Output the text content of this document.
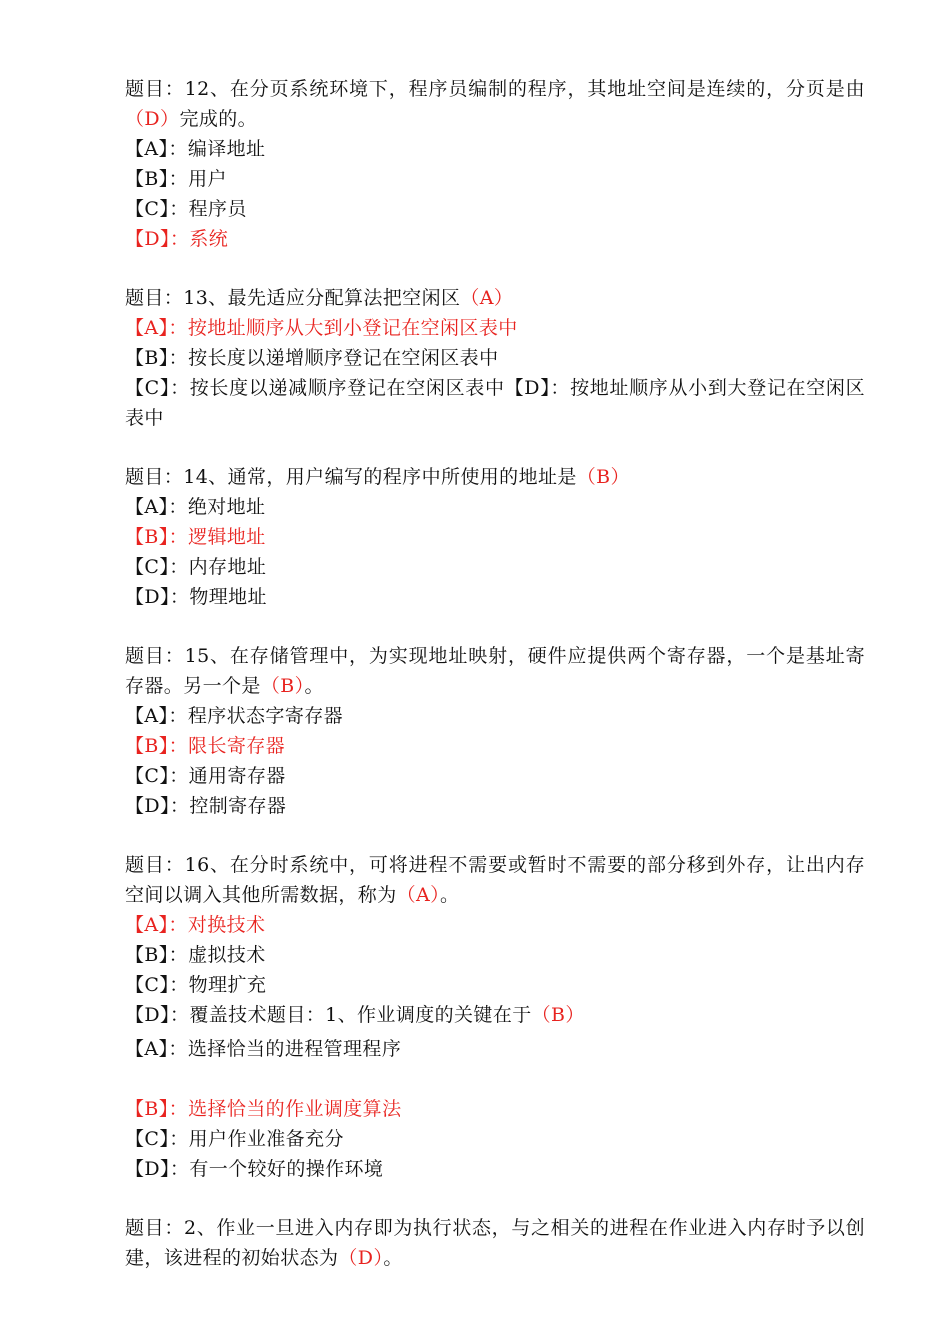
题目：12、在分页系统环境下，程序员编制的程序，其地址空间是连续的，分页是由（D）完成的。
【A】：编译地址
【B】：用户
【C】：程序员
【D】：系统
题目：13、最先适应分配算法把空闲区（A）
【A】：按地址顺序从大到小登记在空闲区表中
【B】：按长度以递增顺序登记在空闲区表中
【C】：按长度以递减顺序登记在空闲区表中【D】：按地址顺序从小到大登记在空闲区表中
题目：14、通常，用户编写的程序中所使用的地址是（B）
【A】：绝对地址
【B】：逻辑地址
【C】：内存地址
【D】：物理地址
题目：15、在存储管理中，为实现地址映射，硬件应提供两个寄存器，一个是基址寄存器。另一个是（B）。
【A】：程序状态字寄存器
【B】：限长寄存器
【C】：通用寄存器
【D】：控制寄存器
题目：16、在分时系统中，可将进程不需要或暂时不需要的部分移到外存，让出内存空间以调入其他所需数据，称为（A）。
【A】：对换技术
【B】：虚拟技术
【C】：物理扩充
【D】：覆盖技术题目：1、作业调度的关键在于（B）
【A】：选择恰当的进程管理程序
【B】：选择恰当的作业调度算法
【C】：用户作业准备充分
【D】：有一个较好的操作环境
题目：2、作业一旦进入内存即为执行状态，与之相关的进程在作业进入内存时予以创建，该进程的初始状态为（D）。
